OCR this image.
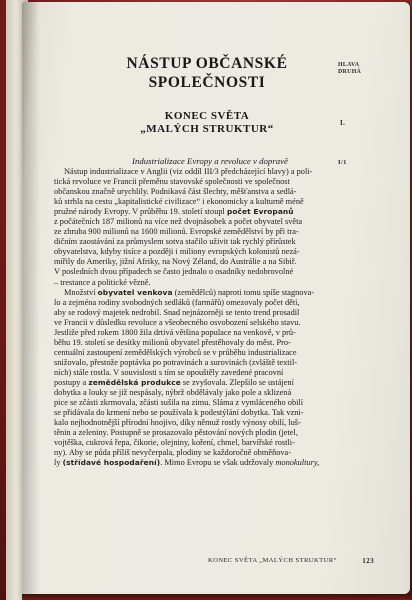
NÁSTUP OBČANSKÉ
SPOLEČNOSTI
HLAVA
DRUHÁ
KONEC SVĚTA
„MALÝCH STRUKTUR“	I.
Industrializace Evropy a revoluce v dopravě	I/1
Nástup industrializace v Anglii (viz oddíl III/3 předcházející hlavy) a poli-
tická revoluce ve Francii přeměnu stavovské společnosti ve společnost
občanskou značně urychlily. Podnikavá část šlechty, měšťanstva a sedlá-
ků strhla na cestu „kapitalistické civilizace“ i ekonomicky a kulturně méně
pružné národy Evropy. V průběhu 19. století stoupl počet Evropanů
z počátečních 187 milionů na více než dvojnásobek a počet obyvatel světa
ze zhruba 900 milionů na 1600 milionů. Evropské zemědělství by při tra-
dičním zaostávání za průmyslem sotva stačilo uživit tak rychlý přírůstek
obyvatelstva, kdyby tisíce a později i miliony evropských kolonistů nezá-
mířily do Ameriky, jižní Afriky, na Nový Zéland, do Austrálie a na Sibiř.
V posledních dvou případech se často jednalo o osadníky nedobrovolné
– trestance a politické vězně.
Množství obyvatel venkova (zemědělců) naproti tomu spíše stagnova-
lo a zejména rodiny svobodných sedláků (farmářů) omezovaly počet dětí,
aby se rodový majetek nedrobil. Snad nejnázorněji se tento trend prosadil
ve Francii v důsledku revoluce a všeobecného osvobození selského stavu.
Jestliže před rokem 1800 žila drtivá většina populace na venkově, v prů-
běhu 19. století se desítky milionů obyvatel přestěhovaly do měst. Pro-
centuální zastoupení zemědělských výrobců se v průběhu industrializace
snižovalo, přestože poptávka po potravinách a surovinách (zvláště textil-
ních) stále rostla. V souvislosti s tím se opouštěly zavedené pracovní
postupy a zemědělská produkce se zvyšovala. Zlepšilo se ustájení
dobytka a louky se již nespásaly, nýbrž obdělávaly jako pole a sklizená
pice se zčásti zkrmovala, zčásti sušila na zimu. Sláma z vymláceného obilí
se přidávala do krmení nebo se používala k podestýlání dobytka. Tak vzni-
kalo nejhodnotnější přírodní hnojivo, díky němuž rostly výnosy obilí, luš-
těnin a zeleniny. Postupně se prosazovalo pěstování nových plodin (jetel,
vojtěška, cukrová řepa, čikorie, olejniny, koření, chmel, barvířské rostli-
ny). Aby se půda příliš nevyčerpala, plodiny se každoročně obměňova-
ly (střídavé hospodaření). Mimo Evropu se však udržovaly monokultury,
KONEC SVĚTA „MALÝCH STRUKTUR“	123
